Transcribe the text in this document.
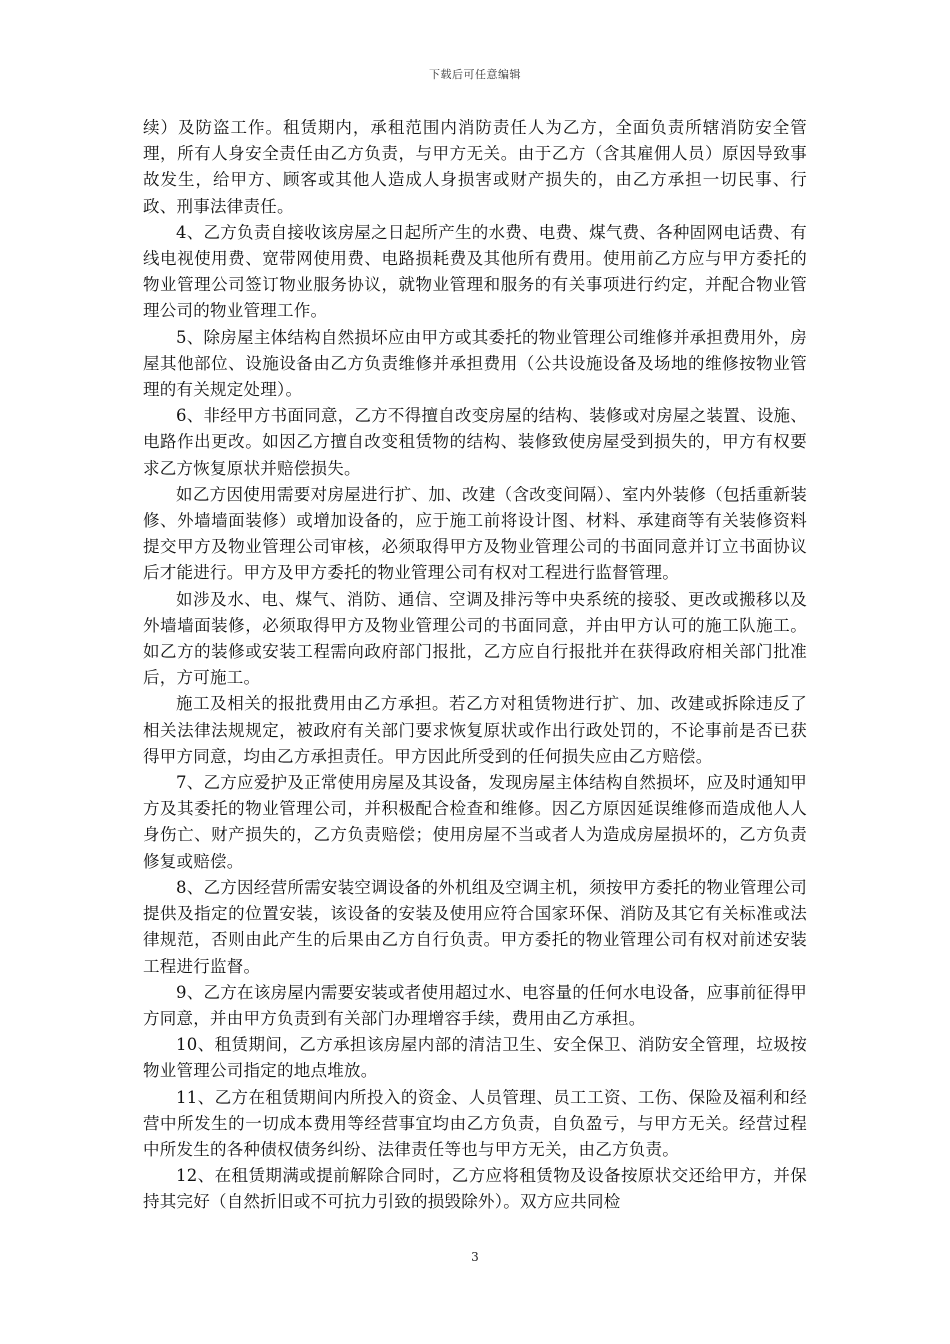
下载后可任意编辑

续）及防盗工作。租赁期内，承租范围内消防责任人为乙方，全面负责所辖消防安全管理，所有人身安全责任由乙方负责，与甲方无关。由于乙方（含其雇佣人员）原因导致事故发生，给甲方、顾客或其他人造成人身损害或财产损失的，由乙方承担一切民事、行政、刑事法律责任。

4、乙方负责自接收该房屋之日起所产生的水费、电费、煤气费、各种固网电话费、有线电视使用费、宽带网使用费、电路损耗费及其他所有费用。使用前乙方应与甲方委托的物业管理公司签订物业服务协议，就物业管理和服务的有关事项进行约定，并配合物业管理公司的物业管理工作。

5、除房屋主体结构自然损坏应由甲方或其委托的物业管理公司维修并承担费用外，房屋其他部位、设施设备由乙方负责维修并承担费用（公共设施设备及场地的维修按物业管理的有关规定处理）。

6、非经甲方书面同意，乙方不得擅自改变房屋的结构、装修或对房屋之装置、设施、电路作出更改。如因乙方擅自改变租赁物的结构、装修致使房屋受到损失的，甲方有权要求乙方恢复原状并赔偿损失。

如乙方因使用需要对房屋进行扩、加、改建（含改变间隔）、室内外装修（包括重新装修、外墙墙面装修）或增加设备的，应于施工前将设计图、材料、承建商等有关装修资料提交甲方及物业管理公司审核，必须取得甲方及物业管理公司的书面同意并订立书面协议后才能进行。甲方及甲方委托的物业管理公司有权对工程进行监督管理。

如涉及水、电、煤气、消防、通信、空调及排污等中央系统的接驳、更改或搬移以及外墙墙面装修，必须取得甲方及物业管理公司的书面同意，并由甲方认可的施工队施工。如乙方的装修或安装工程需向政府部门报批，乙方应自行报批并在获得政府相关部门批准后，方可施工。

施工及相关的报批费用由乙方承担。若乙方对租赁物进行扩、加、改建或拆除违反了相关法律法规规定，被政府有关部门要求恢复原状或作出行政处罚的，不论事前是否已获得甲方同意，均由乙方承担责任。甲方因此所受到的任何损失应由乙方赔偿。

7、乙方应爱护及正常使用房屋及其设备，发现房屋主体结构自然损坏，应及时通知甲方及其委托的物业管理公司，并积极配合检查和维修。因乙方原因延误维修而造成他人人身伤亡、财产损失的，乙方负责赔偿；使用房屋不当或者人为造成房屋损坏的，乙方负责修复或赔偿。

8、乙方因经营所需安装空调设备的外机组及空调主机，须按甲方委托的物业管理公司提供及指定的位置安装，该设备的安装及使用应符合国家环保、消防及其它有关标准或法律规范，否则由此产生的后果由乙方自行负责。甲方委托的物业管理公司有权对前述安装工程进行监督。

9、乙方在该房屋内需要安装或者使用超过水、电容量的任何水电设备，应事前征得甲方同意，并由甲方负责到有关部门办理增容手续，费用由乙方承担。

10、租赁期间，乙方承担该房屋内部的清洁卫生、安全保卫、消防安全管理，垃圾按物业管理公司指定的地点堆放。

11、乙方在租赁期间内所投入的资金、人员管理、员工工资、工伤、保险及福利和经营中所发生的一切成本费用等经营事宜均由乙方负责，自负盈亏，与甲方无关。经营过程中所发生的各种债权债务纠纷、法律责任等也与甲方无关，由乙方负责。

12、在租赁期满或提前解除合同时，乙方应将租赁物及设备按原状交还给甲方，并保持其完好（自然折旧或不可抗力引致的损毁除外）。双方应共同检

3
